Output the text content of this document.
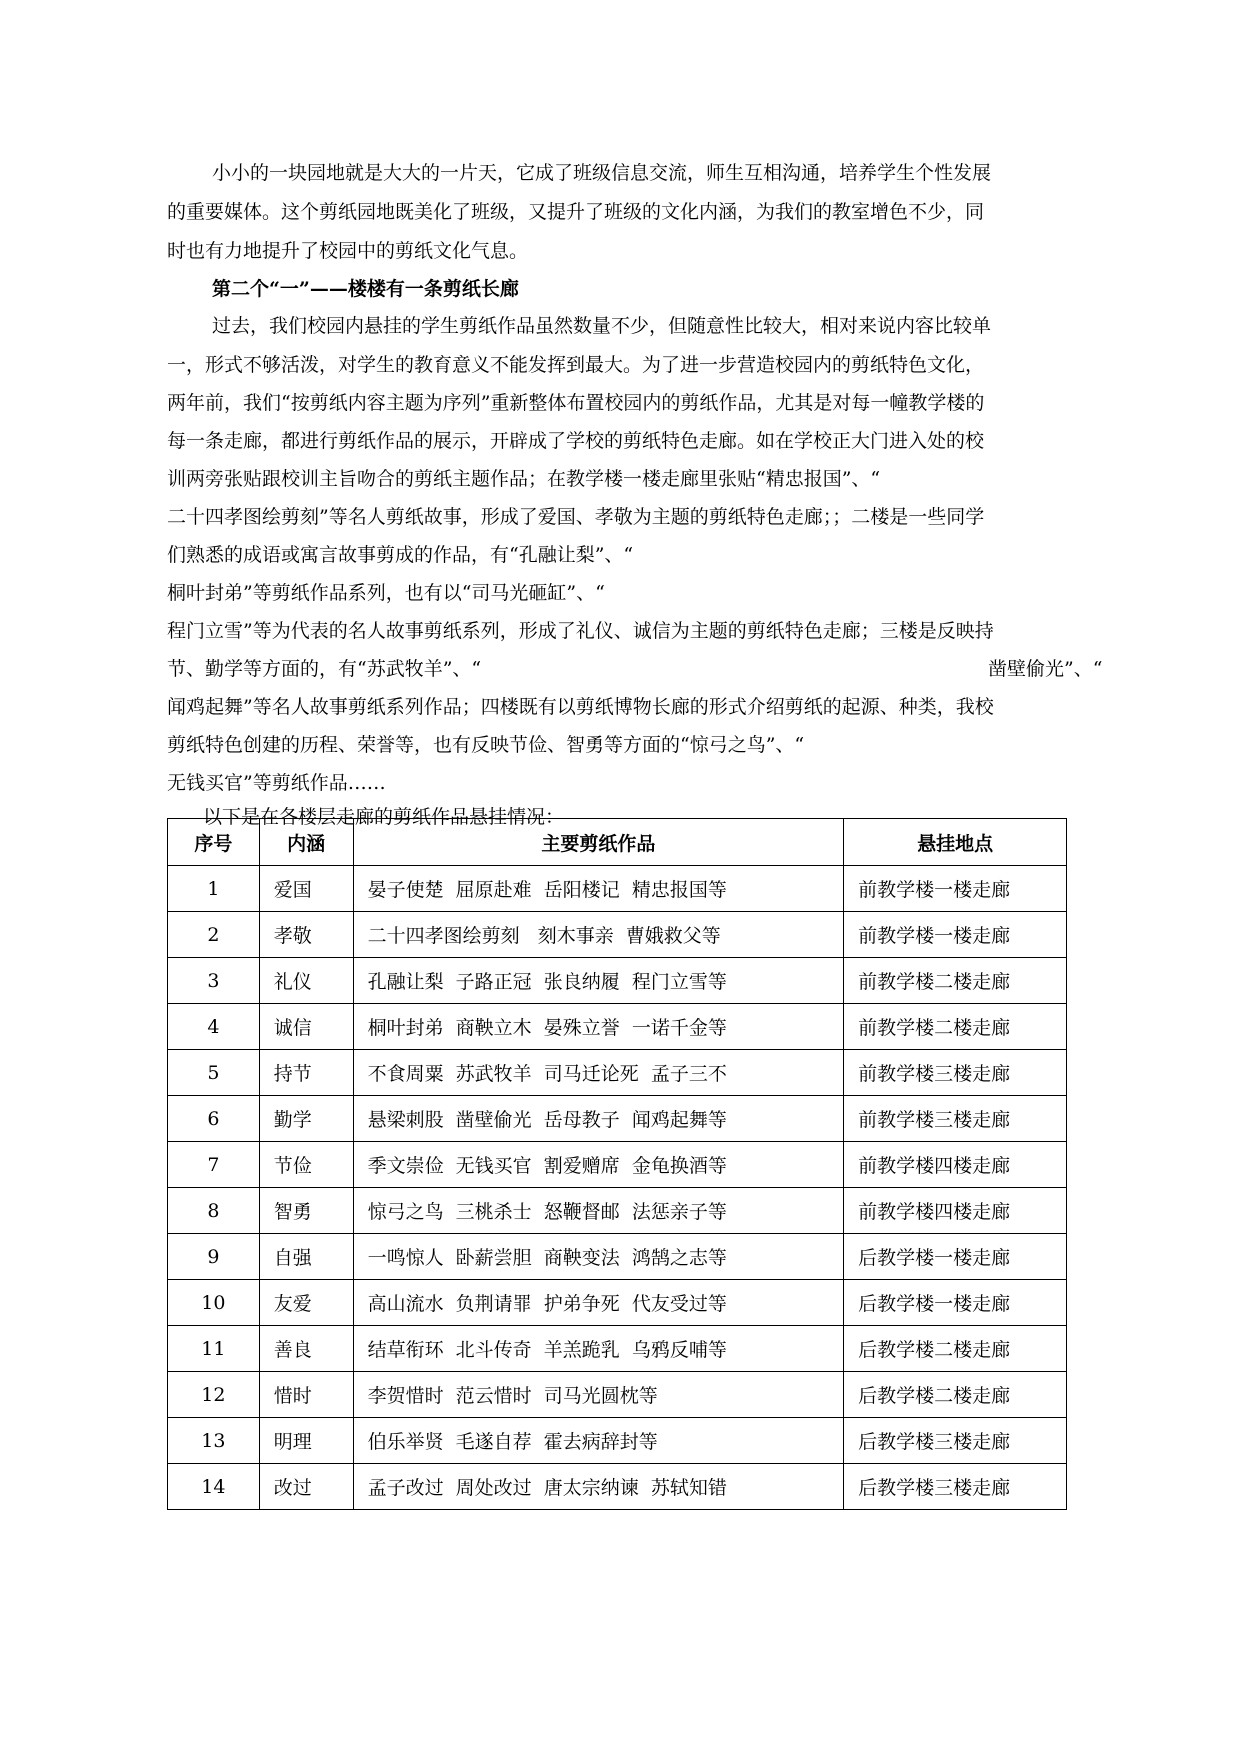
小小的一块园地就是大大的一片天，它成了班级信息交流，师生互相沟通，培养学生个性发展
的重要媒体。这个剪纸园地既美化了班级，又提升了班级的文化内涵，为我们的教室增色不少，同
时也有力地提升了校园中的剪纸文化气息。
第二个“一”——楼楼有一条剪纸长廊
过去，我们校园内悬挂的学生剪纸作品虽然数量不少，但随意性比较大，相对来说内容比较单
一，形式不够活泼，对学生的教育意义不能发挥到最大。为了进一步营造校园内的剪纸特色文化，
两年前，我们“按剪纸内容主题为序列”重新整体布置校园内的剪纸作品，尤其是对每一幢教学楼的
每一条走廊，都进行剪纸作品的展示，开辟成了学校的剪纸特色走廊。如在学校正大门进入处的校
训两旁张贴跟校训主旨吻合的剪纸主题作品；在教学楼一楼走廊里张贴“精忠报国”、“
二十四孝图绘剪刻”等名人剪纸故事，形成了爱国、孝敬为主题的剪纸特色走廊；；二楼是一些同学
们熟悉的成语或寓言故事剪成的作品，有“孔融让梨”、“
桐叶封弟”等剪纸作品系列，也有以“司马光砸缸”、“
程门立雪”等为代表的名人故事剪纸系列，形成了礼仪、诚信为主题的剪纸特色走廊；三楼是反映持
节、勤学等方面的，有“苏武牧羊”、“	凿壁偷光”、“
闻鸡起舞”等名人故事剪纸系列作品；四楼既有以剪纸博物长廊的形式介绍剪纸的起源、种类，我校
剪纸特色创建的历程、荣誉等，也有反映节俭、智勇等方面的“惊弓之鸟”、“
无钱买官”等剪纸作品……
以下是在各楼层走廊的剪纸作品悬挂情况：
序号	内涵	主要剪纸作品	悬挂地点
1	爱国	晏子使楚  屈原赴难  岳阳楼记  精忠报国等	前教学楼一楼走廊
2	孝敬	二十四孝图绘剪刻   刻木事亲  曹娥救父等	前教学楼一楼走廊
3	礼仪	孔融让梨  子路正冠  张良纳履  程门立雪等	前教学楼二楼走廊
4	诚信	桐叶封弟  商鞅立木  晏殊立誉  一诺千金等	前教学楼二楼走廊
5	持节	不食周粟  苏武牧羊  司马迁论死  孟子三不	前教学楼三楼走廊
6	勤学	悬梁刺股  凿壁偷光  岳母教子  闻鸡起舞等	前教学楼三楼走廊
7	节俭	季文崇俭  无钱买官  割爱赠席  金龟换酒等	前教学楼四楼走廊
8	智勇	惊弓之鸟  三桃杀士  怒鞭督邮  法惩亲子等	前教学楼四楼走廊
9	自强	一鸣惊人  卧薪尝胆  商鞅变法  鸿鹄之志等	后教学楼一楼走廊
10	友爱	高山流水  负荆请罪  护弟争死  代友受过等	后教学楼一楼走廊
11	善良	结草衔环  北斗传奇  羊羔跪乳  乌鸦反哺等	后教学楼二楼走廊
12	惜时	李贺惜时  范云惜时  司马光圆枕等	后教学楼二楼走廊
13	明理	伯乐举贤  毛遂自荐  霍去病辞封等	后教学楼三楼走廊
14	改过	孟子改过  周处改过  唐太宗纳谏  苏轼知错	后教学楼三楼走廊
